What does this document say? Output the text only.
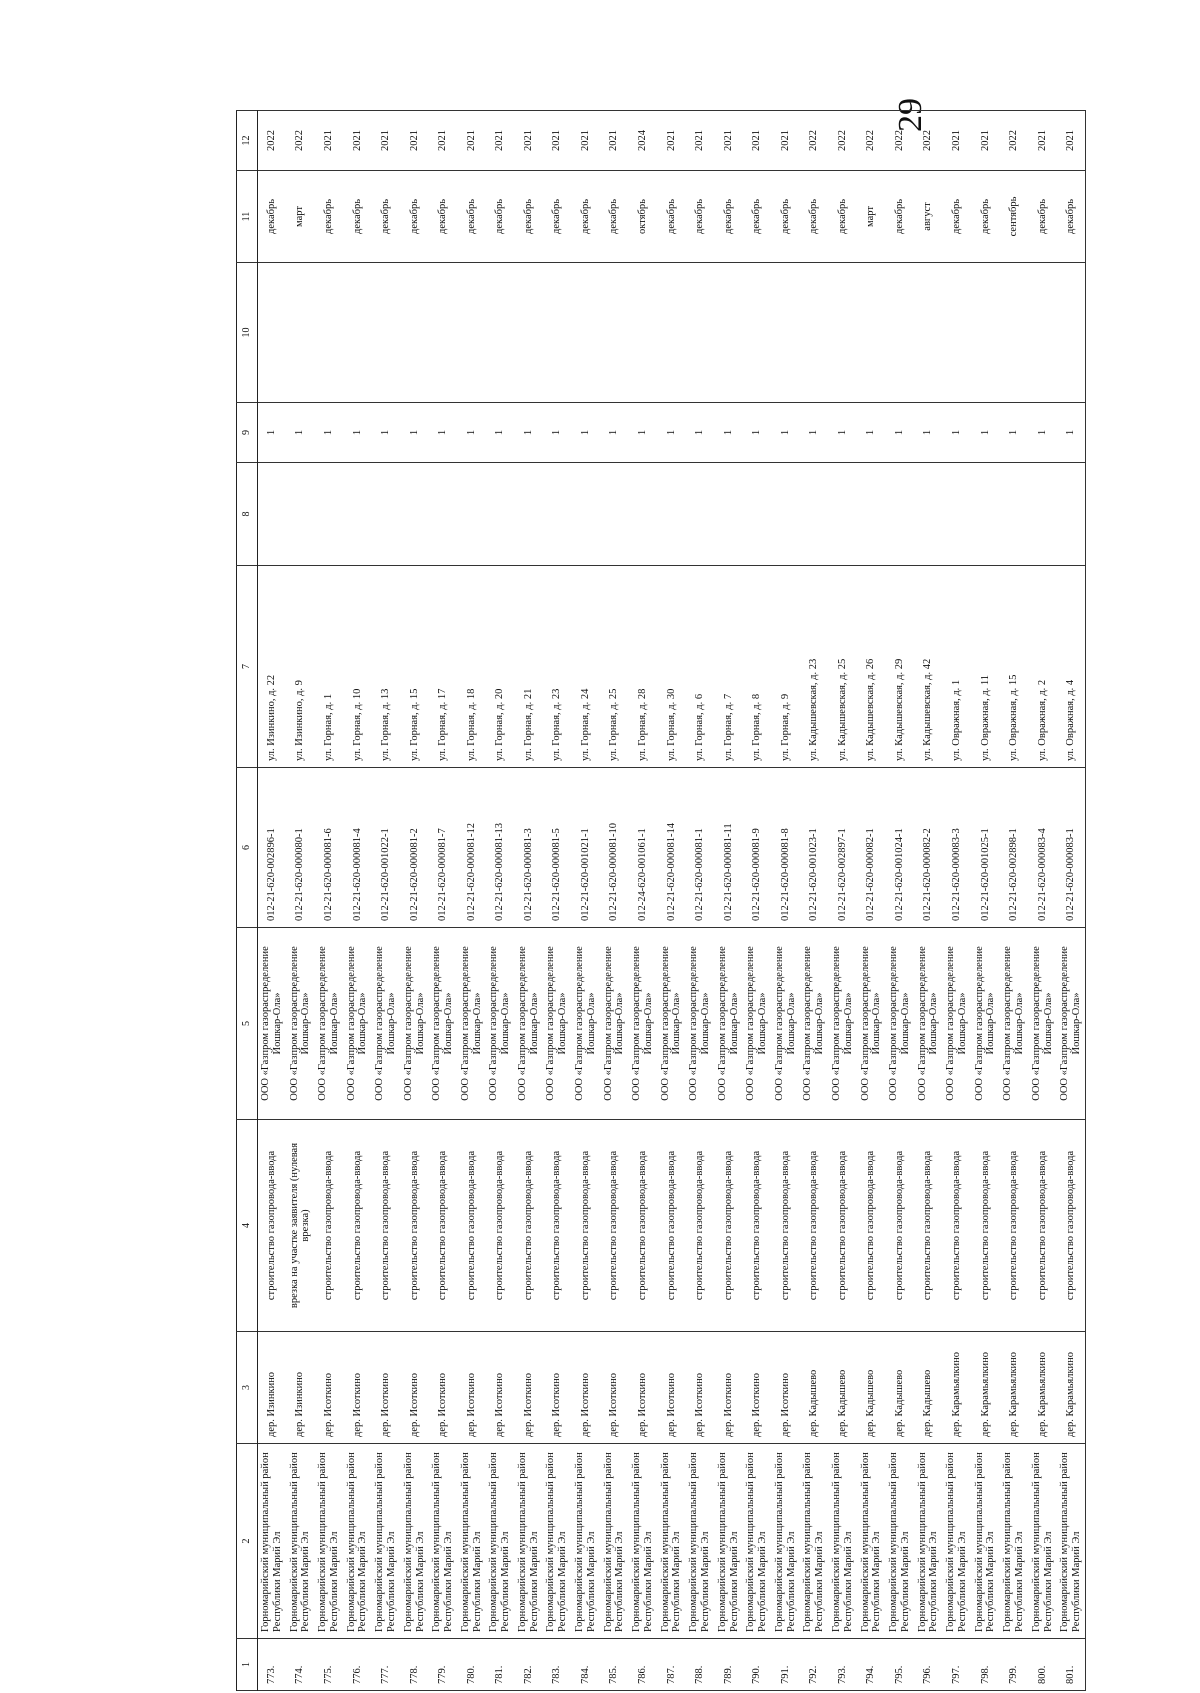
29
1	2	3	4	5	6	7	8	9	10	11	12
773.	Горномарийский муниципальный район Республики Марий Эл	дер. Изинкино	строительство газопровода-ввода	ООО «Газпром газораспределение Йошкар-Ола»	012-21-620-002896-1	ул. Изинкино, д. 22		1		декабрь	2022
774.	Горномарийский муниципальный район Республики Марий Эл	дер. Изинкино	врезка на участке заявителя (нулевая врезка)	ООО «Газпром газораспределение Йошкар-Ола»	012-21-620-000080-1	ул. Изинкино, д. 9		1		март	2022
775.	Горномарийский муниципальный район Республики Марий Эл	дер. Исоткино	строительство газопровода-ввода	ООО «Газпром газораспределение Йошкар-Ола»	012-21-620-000081-6	ул. Горная, д. 1		1		декабрь	2021
776.	Горномарийский муниципальный район Республики Марий Эл	дер. Исоткино	строительство газопровода-ввода	ООО «Газпром газораспределение Йошкар-Ола»	012-21-620-000081-4	ул. Горная, д. 10		1		декабрь	2021
777.	Горномарийский муниципальный район Республики Марий Эл	дер. Исоткино	строительство газопровода-ввода	ООО «Газпром газораспределение Йошкар-Ола»	012-21-620-001022-1	ул. Горная, д. 13		1		декабрь	2021
778.	Горномарийский муниципальный район Республики Марий Эл	дер. Исоткино	строительство газопровода-ввода	ООО «Газпром газораспределение Йошкар-Ола»	012-21-620-000081-2	ул. Горная, д. 15		1		декабрь	2021
779.	Горномарийский муниципальный район Республики Марий Эл	дер. Исоткино	строительство газопровода-ввода	ООО «Газпром газораспределение Йошкар-Ола»	012-21-620-000081-7	ул. Горная, д. 17		1		декабрь	2021
780.	Горномарийский муниципальный район Республики Марий Эл	дер. Исоткино	строительство газопровода-ввода	ООО «Газпром газораспределение Йошкар-Ола»	012-21-620-000081-12	ул. Горная, д. 18		1		декабрь	2021
781.	Горномарийский муниципальный район Республики Марий Эл	дер. Исоткино	строительство газопровода-ввода	ООО «Газпром газораспределение Йошкар-Ола»	012-21-620-000081-13	ул. Горная, д. 20		1		декабрь	2021
782.	Горномарийский муниципальный район Республики Марий Эл	дер. Исоткино	строительство газопровода-ввода	ООО «Газпром газораспределение Йошкар-Ола»	012-21-620-000081-3	ул. Горная, д. 21		1		декабрь	2021
783.	Горномарийский муниципальный район Республики Марий Эл	дер. Исоткино	строительство газопровода-ввода	ООО «Газпром газораспределение Йошкар-Ола»	012-21-620-000081-5	ул. Горная, д. 23		1		декабрь	2021
784.	Горномарийский муниципальный район Республики Марий Эл	дер. Исоткино	строительство газопровода-ввода	ООО «Газпром газораспределение Йошкар-Ола»	012-21-620-001021-1	ул. Горная, д. 24		1		декабрь	2021
785.	Горномарийский муниципальный район Республики Марий Эл	дер. Исоткино	строительство газопровода-ввода	ООО «Газпром газораспределение Йошкар-Ола»	012-21-620-000081-10	ул. Горная, д. 25		1		декабрь	2021
786.	Горномарийский муниципальный район Республики Марий Эл	дер. Исоткино	строительство газопровода-ввода	ООО «Газпром газораспределение Йошкар-Ола»	012-24-620-001061-1	ул. Горная, д. 28		1		октябрь	2024
787.	Горномарийский муниципальный район Республики Марий Эл	дер. Исоткино	строительство газопровода-ввода	ООО «Газпром газораспределение Йошкар-Ола»	012-21-620-000081-14	ул. Горная, д. 30		1		декабрь	2021
788.	Горномарийский муниципальный район Республики Марий Эл	дер. Исоткино	строительство газопровода-ввода	ООО «Газпром газораспределение Йошкар-Ола»	012-21-620-000081-1	ул. Горная, д. 6		1		декабрь	2021
789.	Горномарийский муниципальный район Республики Марий Эл	дер. Исоткино	строительство газопровода-ввода	ООО «Газпром газораспределение Йошкар-Ола»	012-21-620-000081-11	ул. Горная, д. 7		1		декабрь	2021
790.	Горномарийский муниципальный район Республики Марий Эл	дер. Исоткино	строительство газопровода-ввода	ООО «Газпром газораспределение Йошкар-Ола»	012-21-620-000081-9	ул. Горная, д. 8		1		декабрь	2021
791.	Горномарийский муниципальный район Республики Марий Эл	дер. Исоткино	строительство газопровода-ввода	ООО «Газпром газораспределение Йошкар-Ола»	012-21-620-000081-8	ул. Горная, д. 9		1		декабрь	2021
792.	Горномарийский муниципальный район Республики Марий Эл	дер. Кадышево	строительство газопровода-ввода	ООО «Газпром газораспределение Йошкар-Ола»	012-21-620-001023-1	ул. Кадышевская, д. 23		1		декабрь	2022
793.	Горномарийский муниципальный район Республики Марий Эл	дер. Кадышево	строительство газопровода-ввода	ООО «Газпром газораспределение Йошкар-Ола»	012-21-620-002897-1	ул. Кадышевская, д. 25		1		декабрь	2022
794.	Горномарийский муниципальный район Республики Марий Эл	дер. Кадышево	строительство газопровода-ввода	ООО «Газпром газораспределение Йошкар-Ола»	012-21-620-000082-1	ул. Кадышевская, д. 26		1		март	2022
795.	Горномарийский муниципальный район Республики Марий Эл	дер. Кадышево	строительство газопровода-ввода	ООО «Газпром газораспределение Йошкар-Ола»	012-21-620-001024-1	ул. Кадышевская, д. 29		1		декабрь	2022
796.	Горномарийский муниципальный район Республики Марий Эл	дер. Кадышево	строительство газопровода-ввода	ООО «Газпром газораспределение Йошкар-Ола»	012-21-620-000082-2	ул. Кадышевская, д. 42		1		август	2022
797.	Горномарийский муниципальный район Республики Марий Эл	дер. Карамьялкино	строительство газопровода-ввода	ООО «Газпром газораспределение Йошкар-Ола»	012-21-620-000083-3	ул. Овражная, д. 1		1		декабрь	2021
798.	Горномарийский муниципальный район Республики Марий Эл	дер. Карамьялкино	строительство газопровода-ввода	ООО «Газпром газораспределение Йошкар-Ола»	012-21-620-001025-1	ул. Овражная, д. 11		1		декабрь	2021
799.	Горномарийский муниципальный район Республики Марий Эл	дер. Карамьялкино	строительство газопровода-ввода	ООО «Газпром газораспределение Йошкар-Ола»	012-21-620-002898-1	ул. Овражная, д. 15		1		сентябрь	2022
800.	Горномарийский муниципальный район Республики Марий Эл	дер. Карамьялкино	строительство газопровода-ввода	ООО «Газпром газораспределение Йошкар-Ола»	012-21-620-000083-4	ул. Овражная, д. 2		1		декабрь	2021
801.	Горномарийский муниципальный район Республики Марий Эл	дер. Карамьялкино	строительство газопровода-ввода	ООО «Газпром газораспределение Йошкар-Ола»	012-21-620-000083-1	ул. Овражная, д. 4		1		декабрь	2021
